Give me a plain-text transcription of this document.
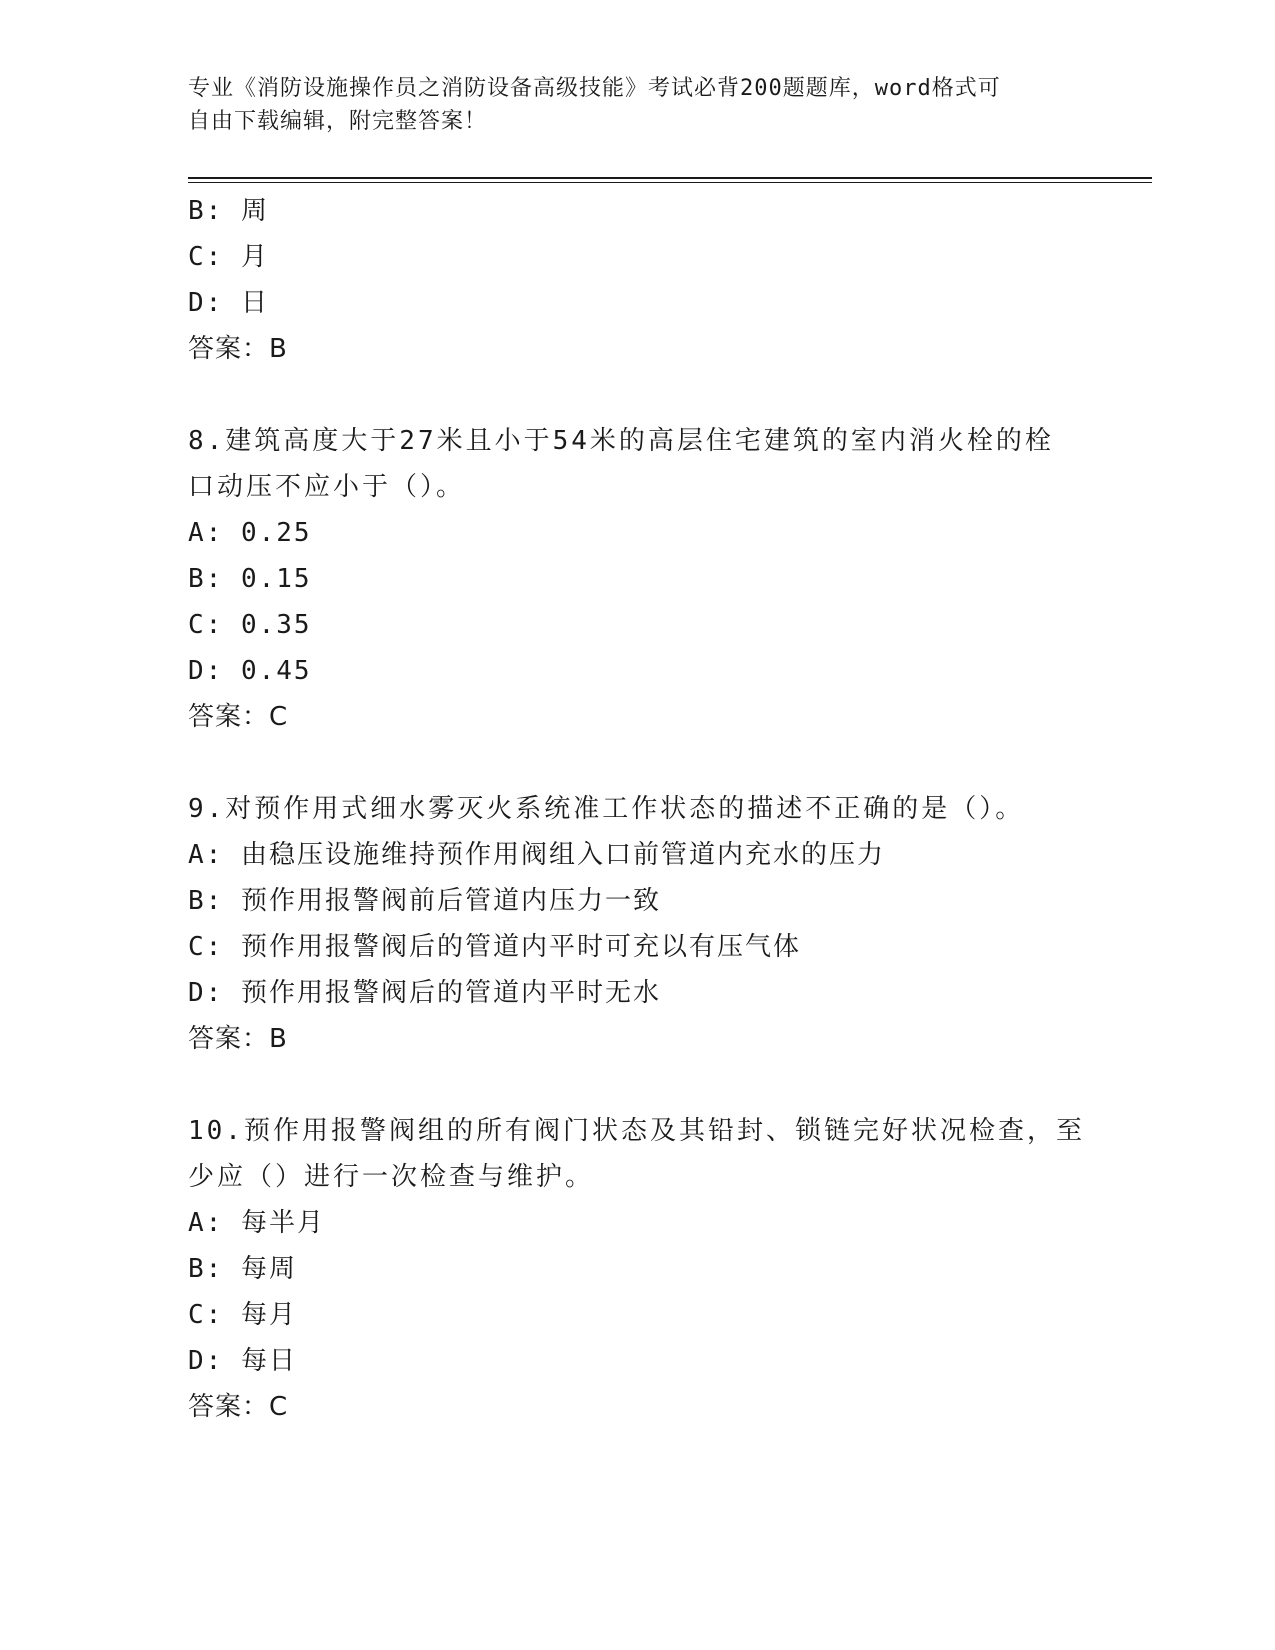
专业《消防设施操作员之消防设备高级技能》考试必背200题题库，word格式可
自由下载编辑，附完整答案！
B: 周
C: 月
D: 日
答案：B
8.建筑高度大于27米且小于54米的高层住宅建筑的室内消火栓的栓
口动压不应小于（）。
A: 0.25
B: 0.15
C: 0.35
D: 0.45
答案：C
9.对预作用式细水雾灭火系统准工作状态的描述不正确的是（）。
A: 由稳压设施维持预作用阀组入口前管道内充水的压力
B: 预作用报警阀前后管道内压力一致
C: 预作用报警阀后的管道内平时可充以有压气体
D: 预作用报警阀后的管道内平时无水
答案：B
10.预作用报警阀组的所有阀门状态及其铅封、锁链完好状况检查，至
少应（）进行一次检查与维护。
A: 每半月
B: 每周
C: 每月
D: 每日
答案：C
